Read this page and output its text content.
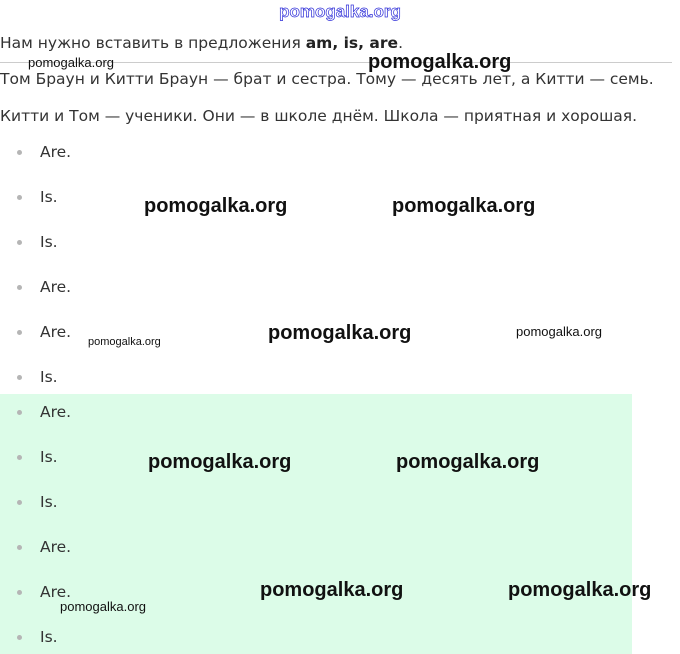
pomogalka.org
Нам нужно вставить в предложения am, is, are.
Том Браун и Китти Браун — брат и сестра. Тому — десять лет, а Китти — семь.
Китти и Том — ученики. Они — в школе днём. Школа — приятная и хорошая.
Are.
Is.
Is.
Are.
Are.
Is.
Are.
Is.
Is.
Are.
Are.
Is.
pomogalka.org	pomogalka.org
pomogalka.org	pomogalka.org
pomogalka.org	pomogalka.org	pomogalka.org
pomogalka.org	pomogalka.org
pomogalka.org	pomogalka.org
pomogalka.org
